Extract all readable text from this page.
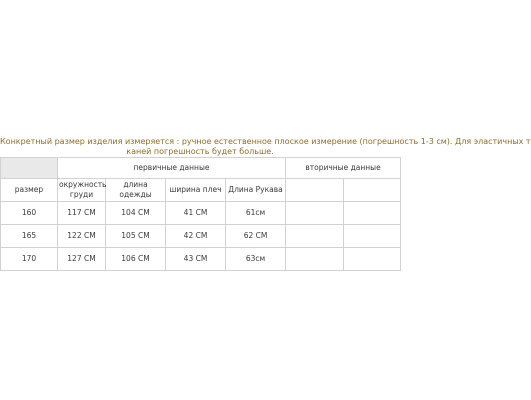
Конкретный размер изделия измеряется : ручное естественное плоское измерение (погрешность 1-3 см). Для эластичных т
каней погрешность будет больше.
	первичные данные				вторичные данные	
размер	окружность груди	длина одежды	ширина плеч	Длина Рукава		
160	117 CM	104 CM	41 CM	61см		
165	122 CM	105 CM	42 CM	62 CM		
170	127 CM	106 CM	43 CM	63см		
